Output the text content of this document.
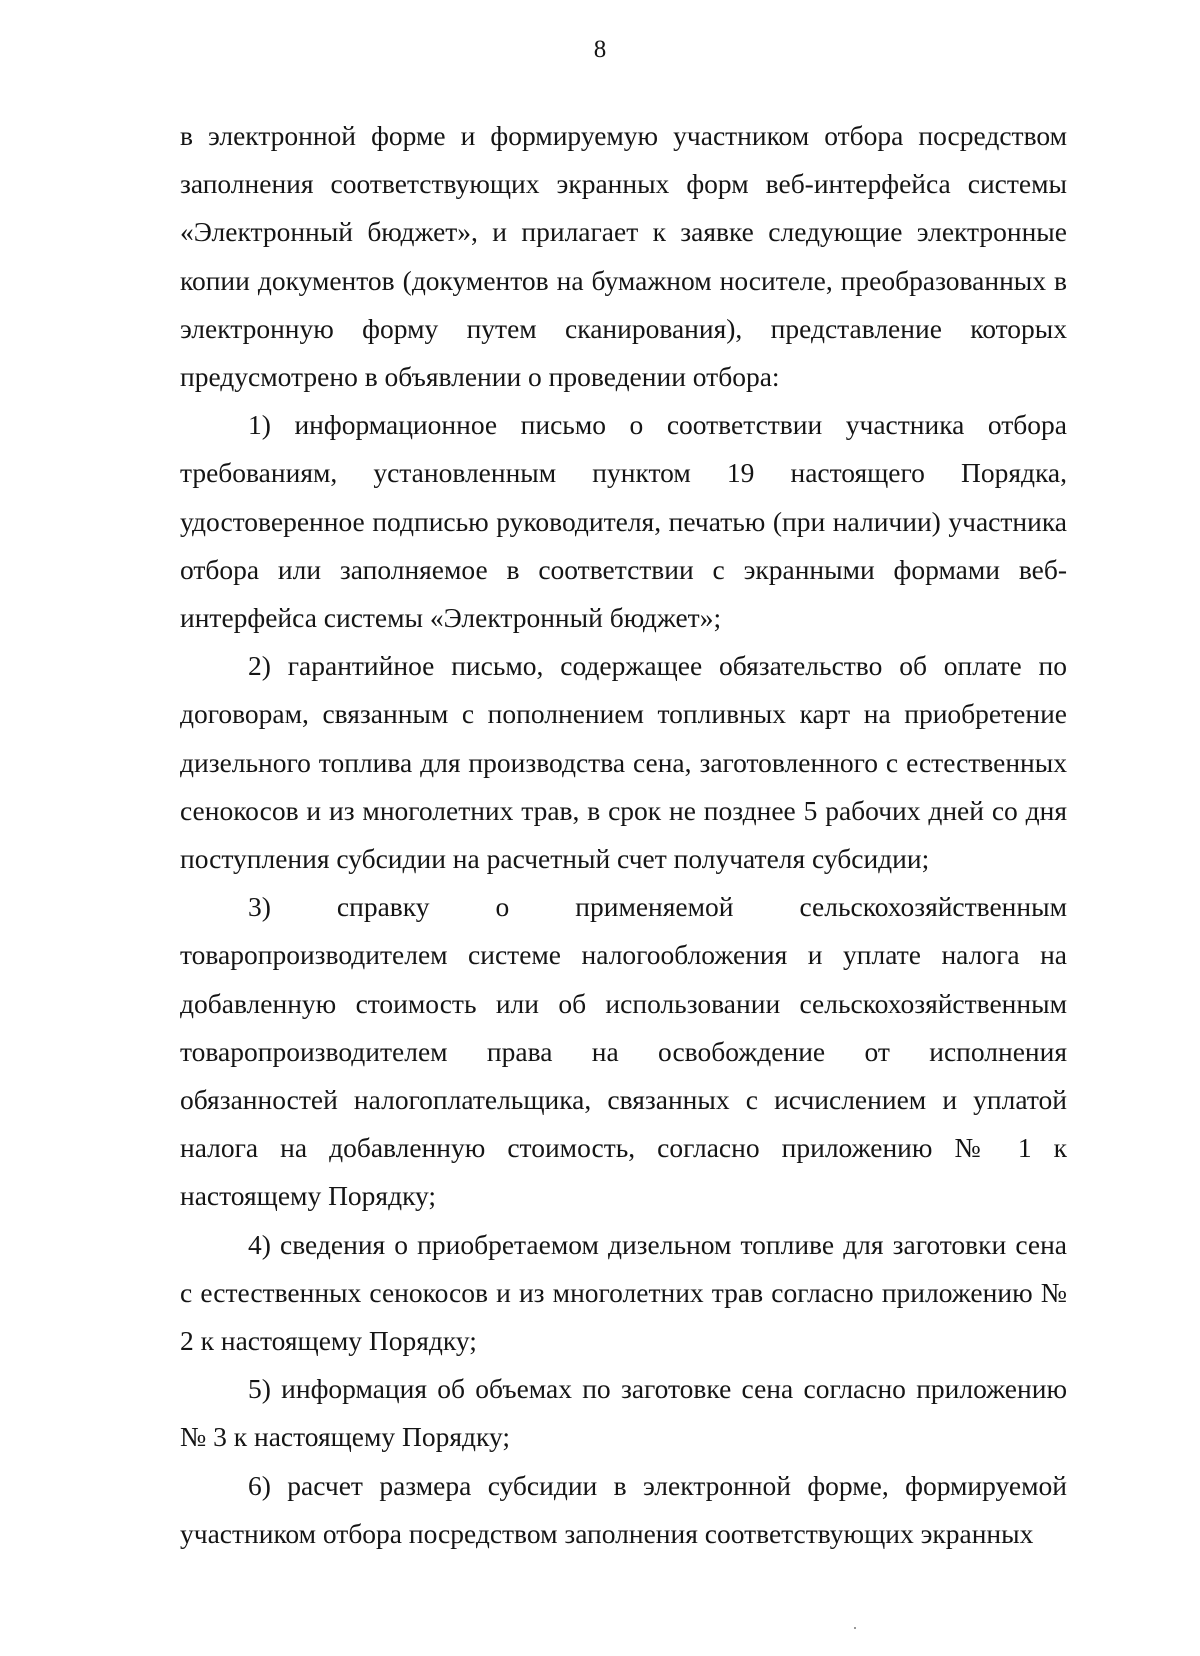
8

в электронной форме и формируемую участником отбора посредством заполнения соответствующих экранных форм веб-интерфейса системы «Электронный бюджет», и прилагает к заявке следующие электронные копии документов (документов на бумажном носителе, преобразованных в электронную форму путем сканирования), представление которых предусмотрено в объявлении о проведении отбора:

1) информационное письмо о соответствии участника отбора требованиям, установленным пунктом 19 настоящего Порядка, удостоверенное подписью руководителя, печатью (при наличии) участника отбора или заполняемое в соответствии с экранными формами веб-интерфейса системы «Электронный бюджет»;

2) гарантийное письмо, содержащее обязательство об оплате по договорам, связанным с пополнением топливных карт на приобретение дизельного топлива для производства сена, заготовленного с естественных сенокосов и из многолетних трав, в срок не позднее 5 рабочих дней со дня поступления субсидии на расчетный счет получателя субсидии;

3) справку о применяемой сельскохозяйственным товаропроизводителем системе налогообложения и уплате налога на добавленную стоимость или об использовании сельскохозяйственным товаропроизводителем права на освобождение от исполнения обязанностей налогоплательщика, связанных с исчислением и уплатой налога на добавленную стоимость, согласно приложению № 1 к настоящему Порядку;

4) сведения о приобретаемом дизельном топливе для заготовки сена с естественных сенокосов и из многолетних трав согласно приложению № 2 к настоящему Порядку;

5) информация об объемах по заготовке сена согласно приложению № 3 к настоящему Порядку;

6) расчет размера субсидии в электронной форме, формируемой участником отбора посредством заполнения соответствующих экранных
